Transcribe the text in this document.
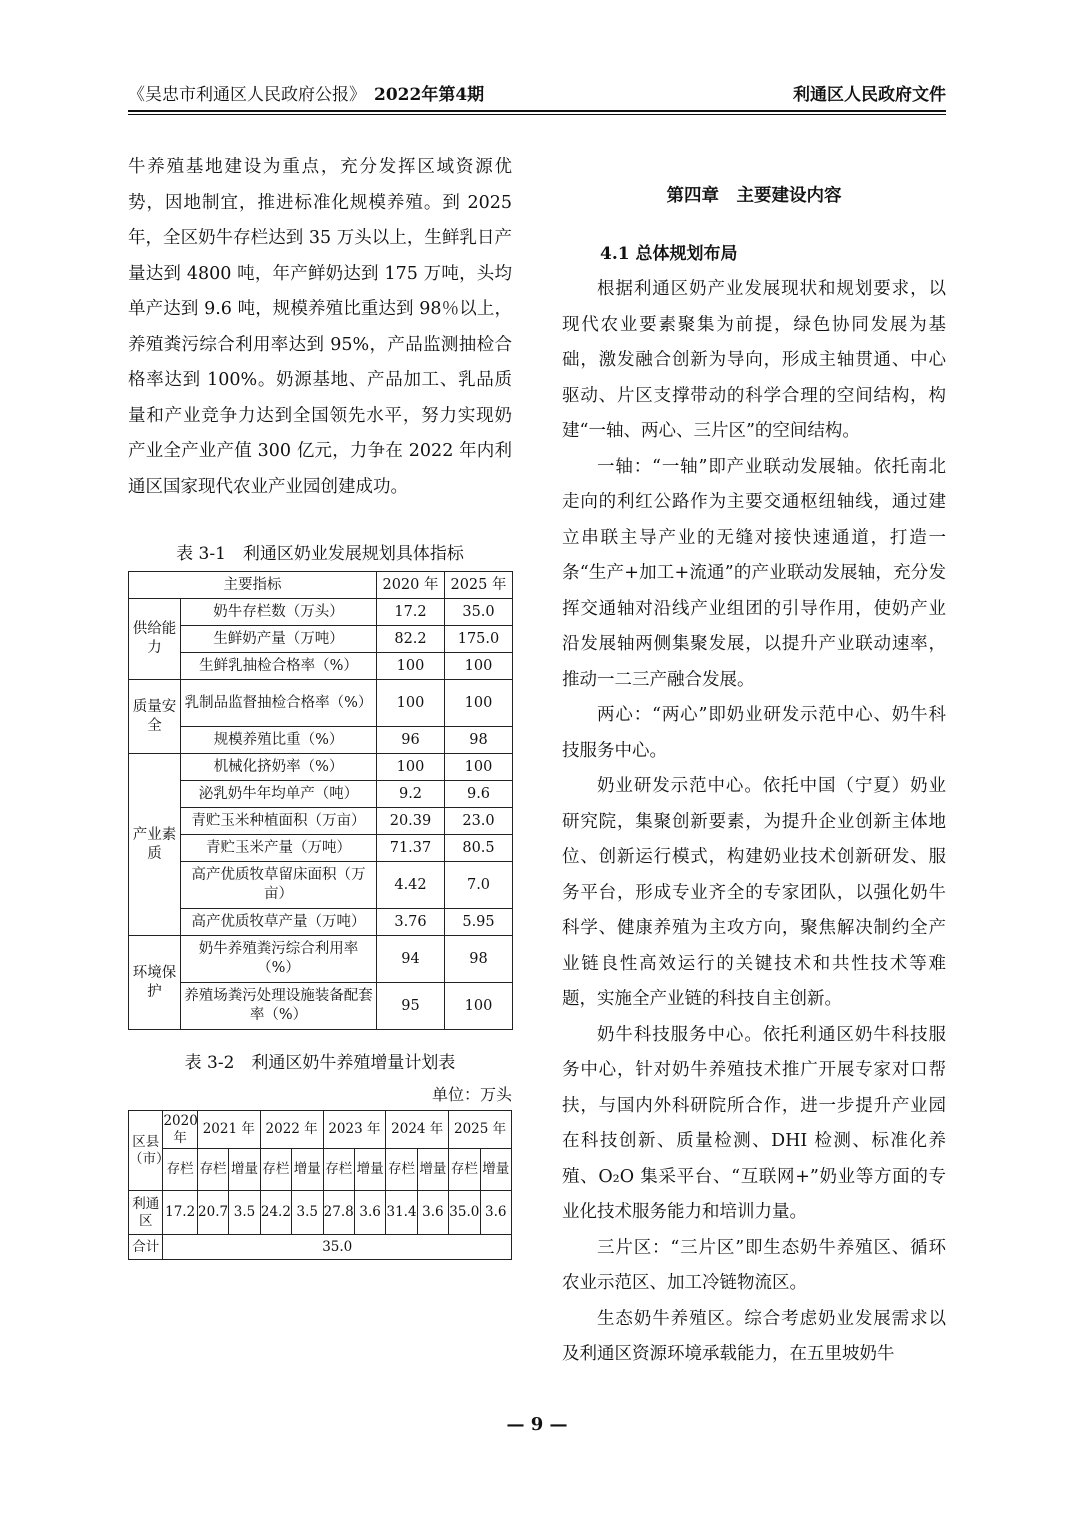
《吴忠市利通区人民政府公报》 2022年第4期	利通区人民政府文件

牛养殖基地建设为重点，充分发挥区域资源优势，因地制宜，推进标准化规模养殖。到 2025 年，全区奶牛存栏达到 35 万头以上，生鲜乳日产量达到 4800 吨，年产鲜奶达到 175 万吨，头均单产达到 9.6 吨，规模养殖比重达到 98％以上，养殖粪污综合利用率达到 95%，产品监测抽检合格率达到 100%。奶源基地、产品加工、乳品质量和产业竞争力达到全国领先水平，努力实现奶产业全产业产值 300 亿元，力争在 2022 年内利通区国家现代农业产业园创建成功。

表 3-1　利通区奶业发展规划具体指标
主要指标		2020 年	2025 年
供给能力	奶牛存栏数（万头）	17.2	35.0
	生鲜奶产量（万吨）	82.2	175.0
	生鲜乳抽检合格率（%）	100	100
质量安全	乳制品监督抽检合格率（%）	100	100
	规模养殖比重（%）	96	98
产业素质	机械化挤奶率（%）	100	100
	泌乳奶牛年均单产（吨）	9.2	9.6
	青贮玉米种植面积（万亩）	20.39	23.0
	青贮玉米产量（万吨）	71.37	80.5
	高产优质牧草留床面积（万亩）	4.42	7.0
	高产优质牧草产量（万吨）	3.76	5.95
环境保护	奶牛养殖粪污综合利用率（%）	94	98
	养殖场粪污处理设施装备配套率（%）	95	100
表 3-2　利通区奶牛养殖增量计划表
单位：万头
区县（市）	2020 年	2021 年		2022 年		2023 年		2024 年		2025 年	
	存栏	存栏	增量	存栏	增量	存栏	增量	存栏	增量	存栏	增量
利通区	17.2	20.7	3.5	24.2	3.5	27.8	3.6	31.4	3.6	35.0	3.6
合计	35.0										
第四章　主要建设内容
4.1 总体规划布局

根据利通区奶产业发展现状和规划要求，以现代农业要素聚集为前提，绿色协同发展为基础，激发融合创新为导向，形成主轴贯通、中心驱动、片区支撑带动的科学合理的空间结构，构建“一轴、两心、三片区”的空间结构。

一轴：“一轴”即产业联动发展轴。依托南北走向的利红公路作为主要交通枢纽轴线，通过建立串联主导产业的无缝对接快速通道，打造一条“生产+加工+流通”的产业联动发展轴，充分发挥交通轴对沿线产业组团的引导作用，使奶产业沿发展轴两侧集聚发展，以提升产业联动速率，推动一二三产融合发展。

两心：“两心”即奶业研发示范中心、奶牛科技服务中心。

奶业研发示范中心。依托中国（宁夏）奶业研究院，集聚创新要素，为提升企业创新主体地位、创新运行模式，构建奶业技术创新研发、服务平台，形成专业齐全的专家团队，以强化奶牛科学、健康养殖为主攻方向，聚焦解决制约全产业链良性高效运行的关键技术和共性技术等难题，实施全产业链的科技自主创新。

奶牛科技服务中心。依托利通区奶牛科技服务中心，针对奶牛养殖技术推广开展专家对口帮扶，与国内外科研院所合作，进一步提升产业园在科技创新、质量检测、DHI 检测、标准化养殖、O₂O 集采平台、“互联网+”奶业等方面的专业化技术服务能力和培训力量。

三片区：“三片区”即生态奶牛养殖区、循环农业示范区、加工冷链物流区。

生态奶牛养殖区。综合考虑奶业发展需求以及利通区资源环境承载能力，在五里坡奶牛

— 9 —
